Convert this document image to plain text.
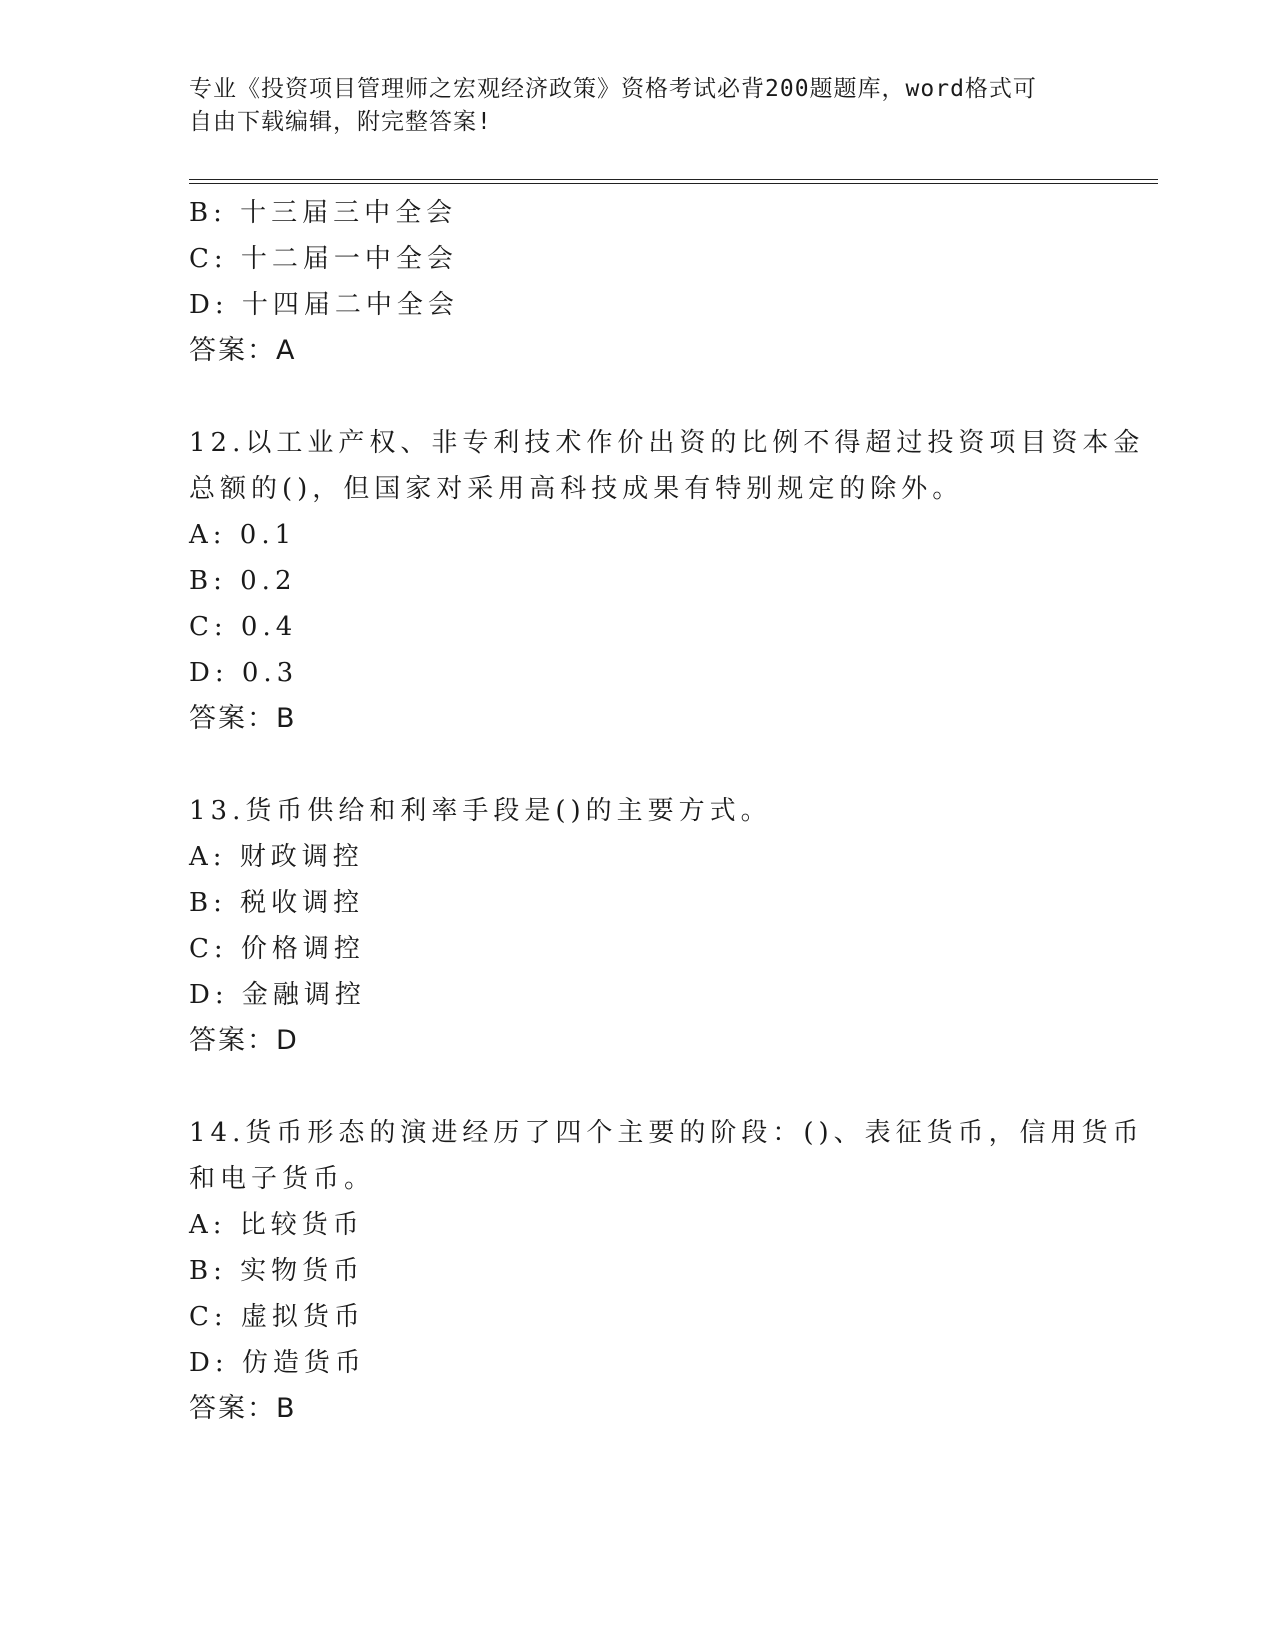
专业《投资项目管理师之宏观经济政策》资格考试必背200题题库，word格式可
自由下载编辑，附完整答案!
B: 十三届三中全会
C: 十二届一中全会
D: 十四届二中全会
答案：A
12.以工业产权、非专利技术作价出资的比例不得超过投资项目资本金
总额的()，但国家对采用高科技成果有特别规定的除外。
A: 0.1
B: 0.2
C: 0.4
D: 0.3
答案：B
13.货币供给和利率手段是()的主要方式。
A: 财政调控
B: 税收调控
C: 价格调控
D: 金融调控
答案：D
14.货币形态的演进经历了四个主要的阶段：()、表征货币，信用货币
和电子货币。
A: 比较货币
B: 实物货币
C: 虚拟货币
D: 仿造货币
答案：B
